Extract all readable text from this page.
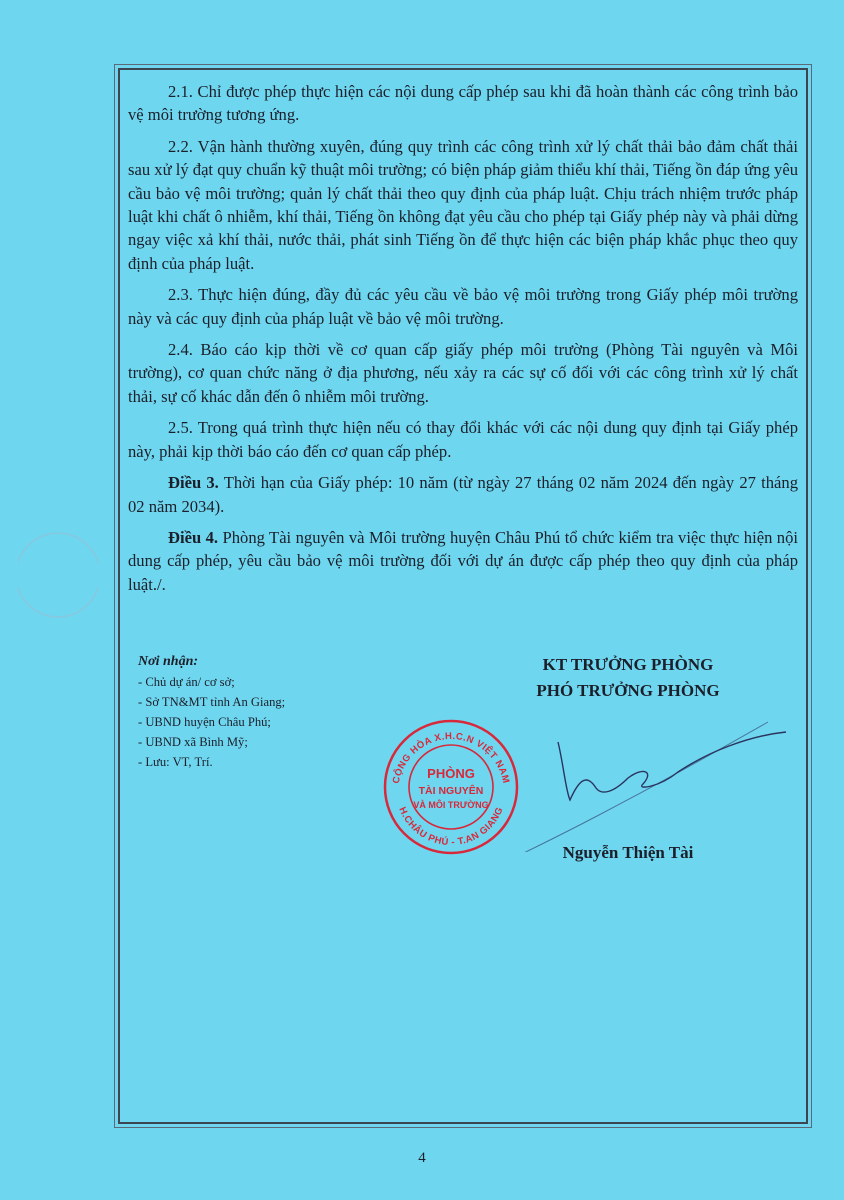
2.1. Chỉ được phép thực hiện các nội dung cấp phép sau khi đã hoàn thành các công trình bảo vệ môi trường tương ứng.

2.2. Vận hành thường xuyên, đúng quy trình các công trình xử lý chất thải bảo đảm chất thải sau xử lý đạt quy chuẩn kỹ thuật môi trường; có biện pháp giảm thiểu khí thải, Tiếng ồn đáp ứng yêu cầu bảo vệ môi trường; quản lý chất thải theo quy định của pháp luật. Chịu trách nhiệm trước pháp luật khi chất ô nhiễm, khí thải, Tiếng ồn không đạt yêu cầu cho phép tại Giấy phép này và phải dừng ngay việc xả khí thải, nước thải, phát sinh Tiếng ồn để thực hiện các biện pháp khắc phục theo quy định của pháp luật.

2.3. Thực hiện đúng, đầy đủ các yêu cầu về bảo vệ môi trường trong Giấy phép môi trường này và các quy định của pháp luật về bảo vệ môi trường.

2.4. Báo cáo kịp thời về cơ quan cấp giấy phép môi trường (Phòng Tài nguyên và Môi trường), cơ quan chức năng ở địa phương, nếu xảy ra các sự cố đối với các công trình xử lý chất thải, sự cố khác dẫn đến ô nhiễm môi trường.

2.5. Trong quá trình thực hiện nếu có thay đổi khác với các nội dung quy định tại Giấy phép này, phải kịp thời báo cáo đến cơ quan cấp phép.

Điều 3. Thời hạn của Giấy phép: 10 năm (từ ngày 27 tháng 02 năm 2024 đến ngày 27 tháng 02 năm 2034).

Điều 4. Phòng Tài nguyên và Môi trường huyện Châu Phú tổ chức kiểm tra việc thực hiện nội dung cấp phép, yêu cầu bảo vệ môi trường đối với dự án được cấp phép theo quy định của pháp luật./.

Nơi nhận:
- Chủ dự án/ cơ sở;
- Sở TN&MT tỉnh An Giang;
- UBND huyện Châu Phú;
- UBND xã Bình Mỹ;
- Lưu: VT, Trí.
KT TRƯỞNG PHÒNG
PHÓ TRƯỞNG PHÒNG
Nguyễn Thiện Tài
CỘNG HÒA X.H.C.N VIỆT NAM
H.CHÂU PHÚ - T.AN GIANG
PHÒNG
TÀI NGUYÊN
VÀ MÔI TRƯỜNG
4
